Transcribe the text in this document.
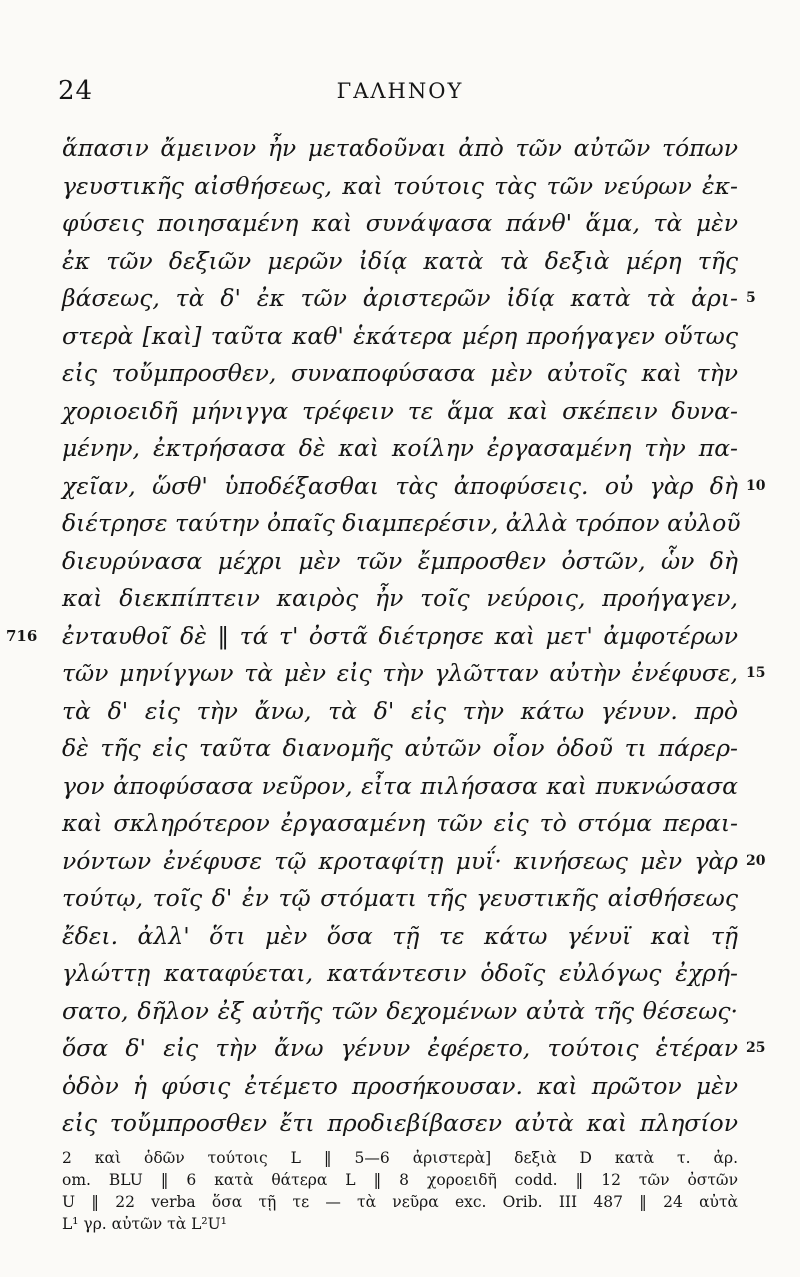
24	ΓΑΛΗΝΟΥ
ἅπασιν ἄμεινον ἦν μεταδοῦναι ἀπὸ τῶν αὐτῶν τόπων
γευστικῆς αἰσθήσεως, καὶ τούτοις τὰς τῶν νεύρων ἐκ-
φύσεις ποιησαμένη καὶ συνάψασα πάνθ' ἅμα, τὰ μὲν
ἐκ τῶν δεξιῶν μερῶν ἰδίᾳ κατὰ τὰ δεξιὰ μέρη τῆς
βάσεως, τὰ δ' ἐκ τῶν ἀριστερῶν ἰδίᾳ κατὰ τὰ ἀρι- 5
στερὰ [καὶ] ταῦτα καθ' ἑκάτερα μέρη προήγαγεν οὕτως
εἰς τοὔμπροσθεν, συναποφύσασα μὲν αὐτοῖς καὶ τὴν
χοριοειδῆ μήνιγγα τρέφειν τε ἅμα καὶ σκέπειν δυνα-
μένην, ἐκτρήσασα δὲ καὶ κοίλην ἐργασαμένη τὴν πα-
χεῖαν, ὥσθ' ὑποδέξασθαι τὰς ἀποφύσεις. οὐ γὰρ δὴ 10
διέτρησε ταύτην ὀπαῖς διαμπερέσιν, ἀλλὰ τρόπον αὐλοῦ
διευρύνασα μέχρι μὲν τῶν ἔμπροσθεν ὀστῶν, ὧν δὴ
καὶ διεκπίπτειν καιρὸς ἦν τοῖς νεύροις, προήγαγεν,
716	ἐνταυθοῖ δὲ ‖ τά τ' ὀστᾶ διέτρησε καὶ μετ' ἀμφοτέρων
τῶν μηνίγγων τὰ μὲν εἰς τὴν γλῶτταν αὐτὴν ἐνέφυσε, 15
τὰ δ' εἰς τὴν ἄνω, τὰ δ' εἰς τὴν κάτω γένυν. πρὸ
δὲ τῆς εἰς ταῦτα διανομῆς αὐτῶν οἷον ὁδοῦ τι πάρερ-
γον ἀποφύσασα νεῦρον, εἶτα πιλήσασα καὶ πυκνώσασα
καὶ σκληρότερον ἐργασαμένη τῶν εἰς τὸ στόμα περαι-
νόντων ἐνέφυσε τῷ κροταφίτῃ μυΐ· κινήσεως μὲν γὰρ 20
τούτῳ, τοῖς δ' ἐν τῷ στόματι τῆς γευστικῆς αἰσθήσεως
ἔδει. ἀλλ' ὅτι μὲν ὅσα τῇ τε κάτω γένυϊ καὶ τῇ
γλώττῃ καταφύεται, κατάντεσιν ὁδοῖς εὐλόγως ἐχρή-
σατο, δῆλον ἐξ αὐτῆς τῶν δεχομένων αὐτὰ τῆς θέσεως·
ὅσα δ' εἰς τὴν ἄνω γένυν ἐφέρετο, τούτοις ἑτέραν 25
ὁδὸν ἡ φύσις ἐτέμετο προσήκουσαν. καὶ πρῶτον μὲν
εἰς τοὔμπροσθεν ἔτι προδιεβίβασεν αὐτὰ καὶ πλησίον
2 καὶ ὁδῶν τούτοις L ‖ 5—6 ἀριστερὰ] δεξιὰ D κατὰ τ. ἀρ.
om. BLU ‖ 6 κατὰ θάτερα L ‖ 8 χοροειδῆ codd. ‖ 12 τῶν ὀστῶν
U ‖ 22 verba ὅσα τῇ τε — τὰ νεῦρα exc. Orib. III 487 ‖ 24 αὐτὰ
L¹ γρ. αὐτῶν τὰ L²U¹
